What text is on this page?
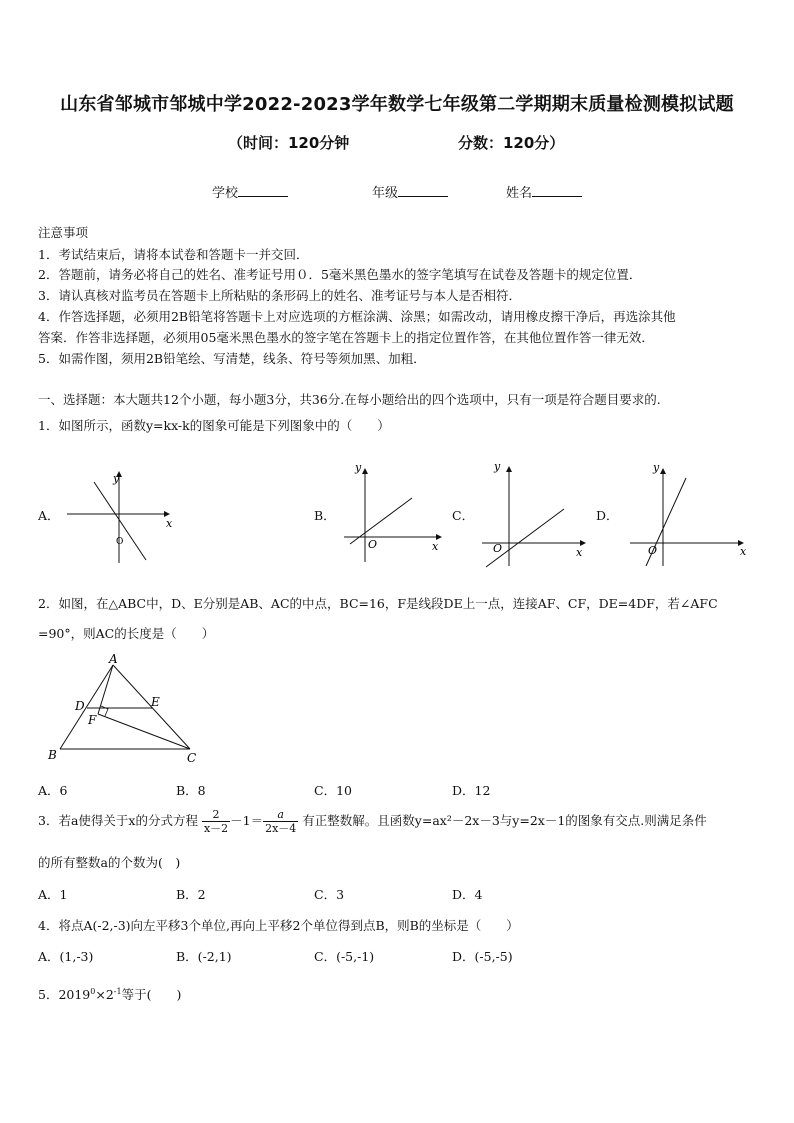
山东省邹城市邹城中学2022-2023学年数学七年级第二学期期末质量检测模拟试题
（时间：120分钟	分数：120分）
学校	年级	姓名
注意事项
1．考试结束后，请将本试卷和答题卡一并交回．
2．答题前，请务必将自己的姓名、准考证号用０．5毫米黑色墨水的签字笔填写在试卷及答题卡的规定位置．
3．请认真核对监考员在答题卡上所粘贴的条形码上的姓名、准考证号与本人是否相符．
4．作答选择题，必须用2B铅笔将答题卡上对应选项的方框涂满、涂黑；如需改动，请用橡皮擦干净后，再选涂其他
答案．作答非选择题，必须用05毫米黑色墨水的签字笔在答题卡上的指定位置作答，在其他位置作答一律无效．
5．如需作图，须用2B铅笔绘、写清楚，线条、符号等须加黑、加粗．
一、选择题：本大题共12个小题，每小题3分，共36分.在每小题给出的四个选项中，只有一项是符合题目要求的.
1．如图所示，函数y=kx-k的图象可能是下列图象中的（　　）
A．
x
y
O
B．
x
y
O
C．
x
y
O
D．
x
y
O
2．如图，在△ABC中，D、E分别是AB、AC的中点，BC=16，F是线段DE上一点，连接AF、CF，DE=4DF，若∠AFC
=90°，则AC的长度是（　　）
A
B	C
D	E
F
A．6	B．8	C．10	D．12
3．若a使得关于x的分式方程 $\frac{2}{x-2} -1= \frac{a}{2x-4}$ 有正整数解。且函数y=ax²－2x－3与y=2x－1的图象有交点.则满足条件
的所有整数a的个数为(　)
A．1	B．2	C．3	D．4
4．将点A(-2,-3)向左平移3个单位,再向上平移2个单位得到点B，则B的坐标是（　　）
A．(1,-3)	B．(-2,1)	C．(-5,-1)	D．(-5,-5)
5．$2019^0\times 2^{-1}$等于(　　)
